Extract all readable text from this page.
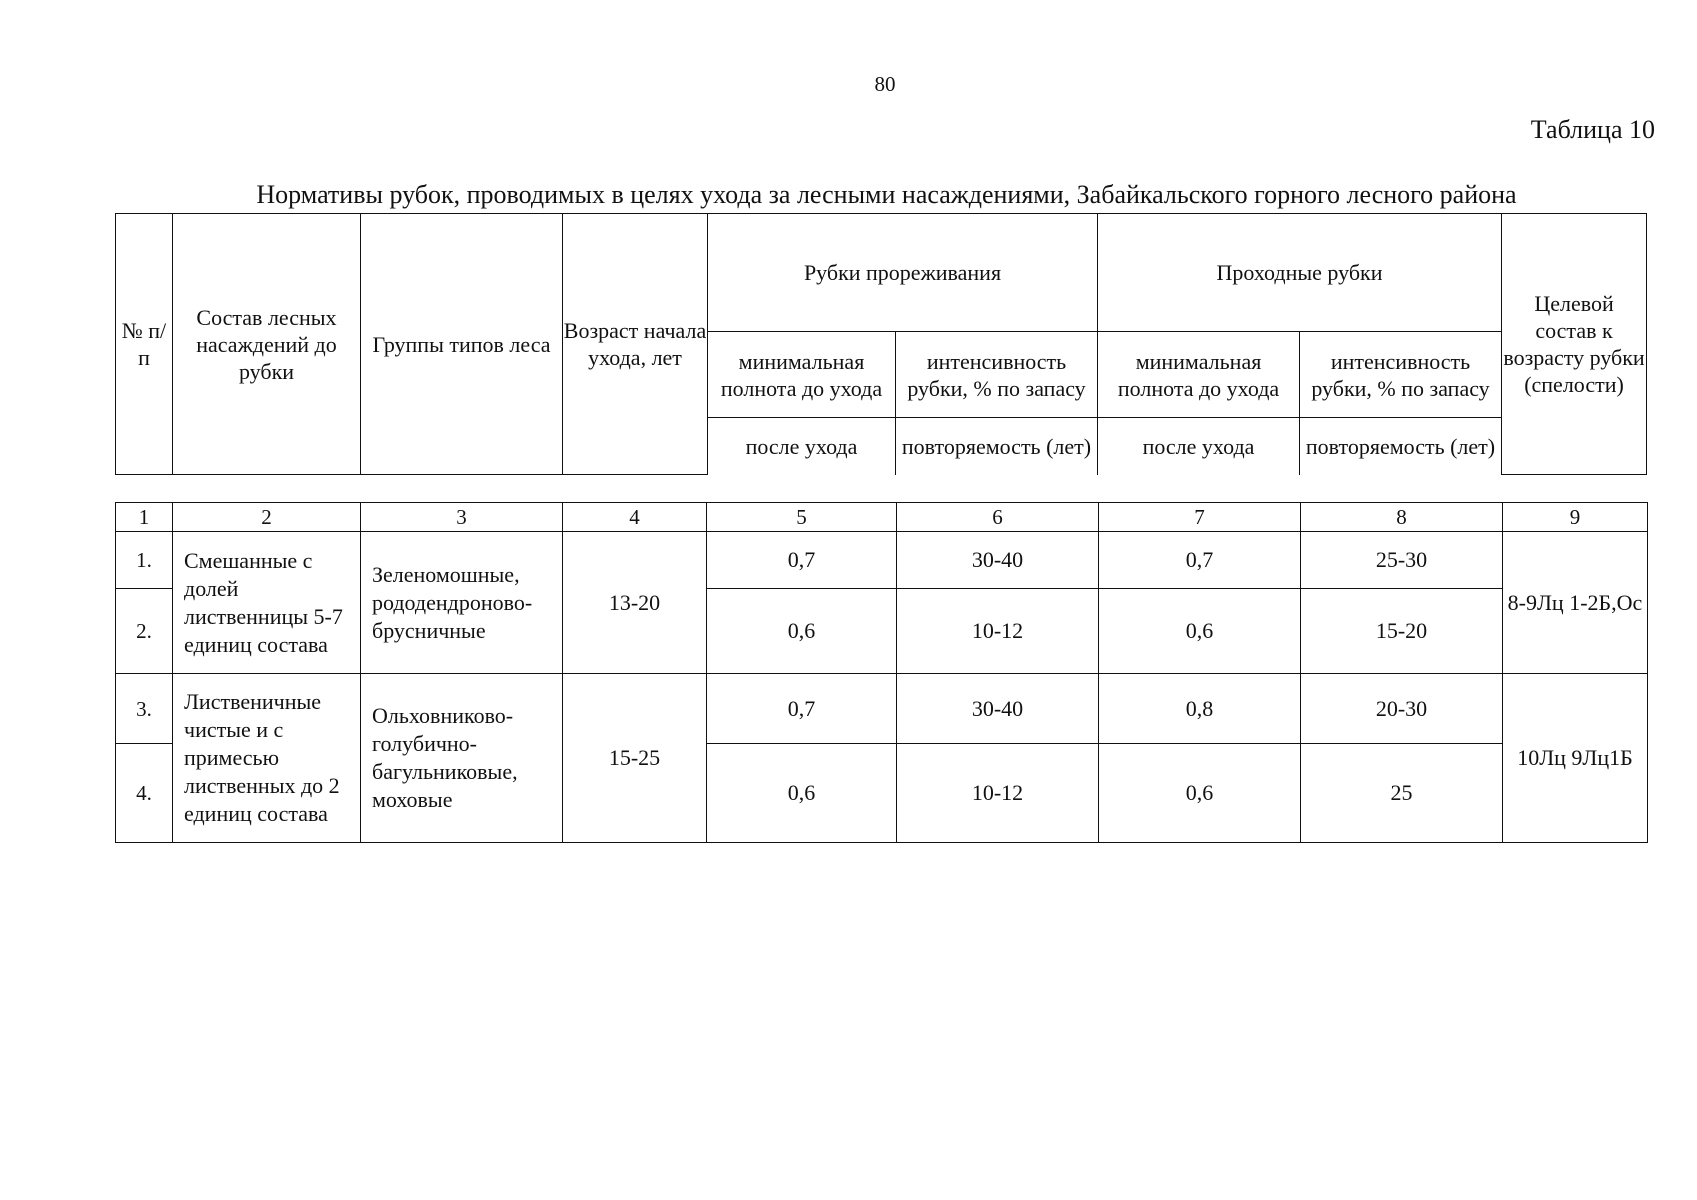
80
Таблица 10
Нормативы рубок, проводимых в целях ухода за лесными насаждениями, Забайкальского горного лесного района
№ п/п	Состав лесных насаждений до рубки	Группы типов леса	Возраст начала ухода, лет	Рубки прореживания		Проходные рубки		Целевой состав к возрасту рубки (спелости)
				минимальная полнота до ухода	интенсивность рубки, % по запасу	минимальная полнота до ухода	интенсивность рубки, % по запасу	
				после ухода	повторяемость (лет)	после ухода	повторяемость (лет)	
1	2	3	4	5	6	7	8	9
1.	Смешанные с долей лиственницы 5-7 единиц состава	Зеленомошные, рододендроново-брусничные	13-20	0,7	30-40	0,7	25-30	8-9Лц 1-2Б,Ос
2.				0,6	10-12	0,6	15-20	
3.	Лиственичные чистые и с примесью лиственных до 2 единиц состава	Ольховниково-голубично-багульниковые, моховые	15-25	0,7	30-40	0,8	20-30	10Лц 9Лц1Б
4.				0,6	10-12	0,6	25	
